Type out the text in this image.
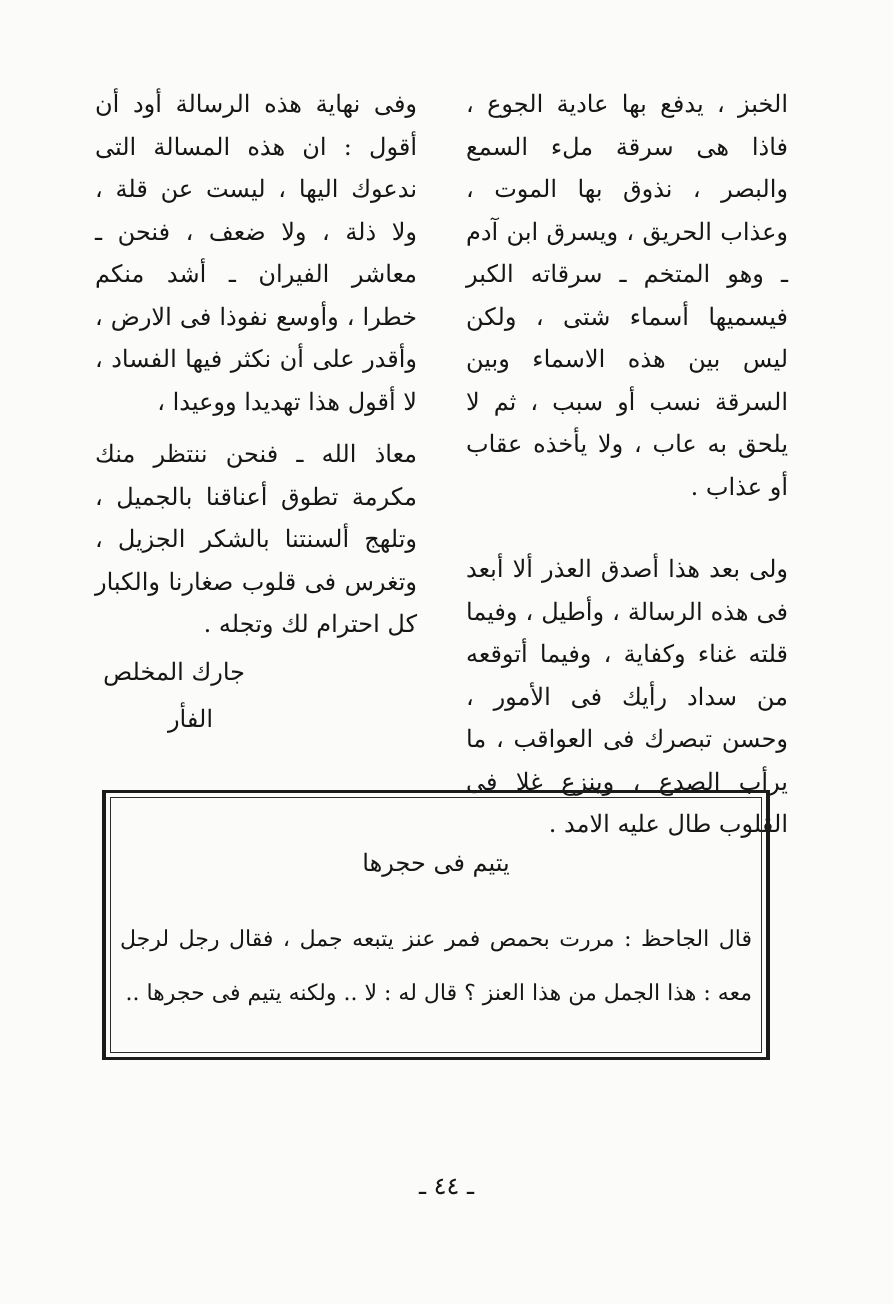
الخبز ، يدفع بها عادية الجوع ، فاذا هى سرقة ملء السمع والبصر ، نذوق بها الموت ، وعذاب الحريق ، ويسرق ابن آدم ـ وهو المتخم ـ سرقاته الكبر فيسميها أسماء شتى ، ولكن ليس بين هذه الاسماء وبين السرقة نسب أو سبب ، ثم لا يلحق به عاب ، ولا يأخذه عقاب أو عذاب .

ولى بعد هذا أصدق العذر ألا أبعد فى هذه الرسالة ، وأطيل ، وفيما قلته غناء وكفاية ، وفيما أتوقعه من سداد رأيك فى الأمور ، وحسن تبصرك فى العواقب ، ما يرأب الصدع ، وينزع غلا فى القلوب طال عليه الامد .

وفى نهاية هذه الرسالة أود أن أقول : ان هذه المسالة التى ندعوك اليها ، ليست عن قلة ، ولا ذلة ، ولا ضعف ، فنحن ـ معاشر الفيران ـ أشد منكم خطرا ، وأوسع نفوذا فى الارض ، وأقدر على أن نكثر فيها الفساد ، لا أقول هذا تهديدا ووعيدا ،

معاذ الله ـ فنحن ننتظر منك مكرمة تطوق أعناقنا بالجميل ، وتلهج ألسنتنا بالشكر الجزيل ، وتغرس فى قلوب صغارنا والكبار كل احترام لك وتجله .

جارك المخلص
الفأر
يتيم فى حجرها
قال الجاحظ : مررت بحمص فمر عنز يتبعه جمل ، فقال رجل لرجل معه : هذا الجمل من هذا العنز ؟ قال له : لا .. ولكنه يتيم فى حجرها ..
ـ ٤٤ ـ
